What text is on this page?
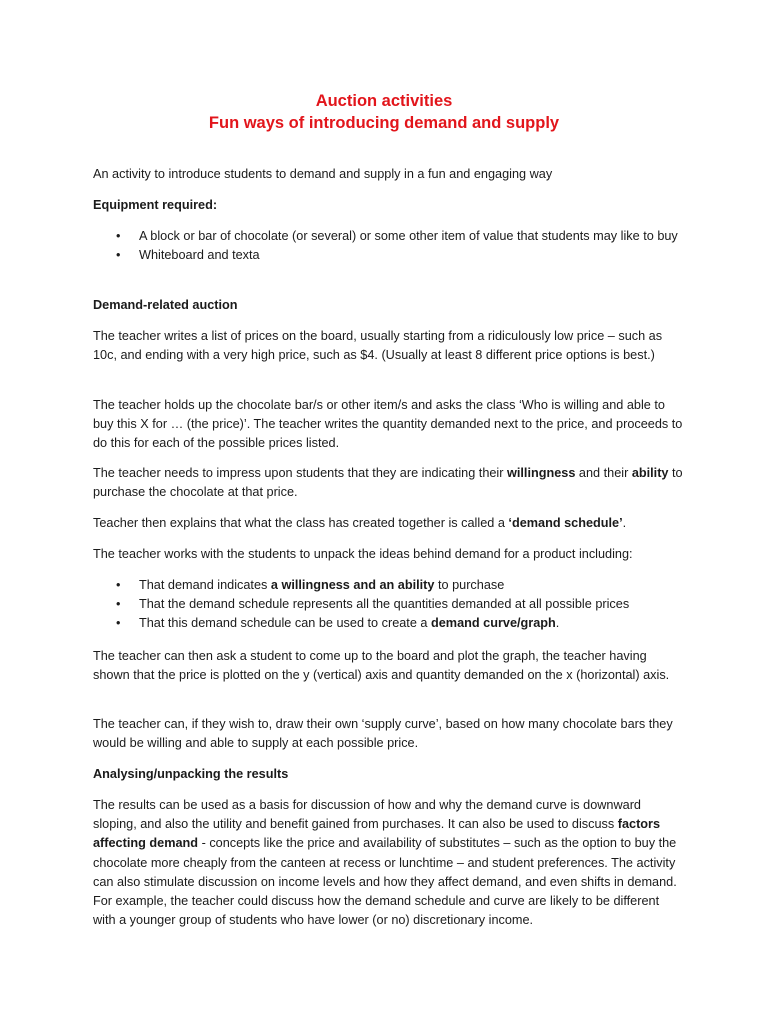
Auction activities
Fun ways of introducing demand and supply

An activity to introduce students to demand and supply in a fun and engaging way

Equipment required:

• A block or bar of chocolate (or several) or some other item of value that students may like to buy
• Whiteboard and texta

Demand-related auction

The teacher writes a list of prices on the board, usually starting from a ridiculously low price – such as 10c, and ending with a very high price, such as $4. (Usually at least 8 different price options is best.)

The teacher holds up the chocolate bar/s or other item/s and asks the class ‘Who is willing and able to buy this X for … (the price)’. The teacher writes the quantity demanded next to the price, and proceeds to do this for each of the possible prices listed.

The teacher needs to impress upon students that they are indicating their willingness and their ability to purchase the chocolate at that price.

Teacher then explains that what the class has created together is called a ‘demand schedule’.

The teacher works with the students to unpack the ideas behind demand for a product including:

• That demand indicates a willingness and an ability to purchase
• That the demand schedule represents all the quantities demanded at all possible prices
• That this demand schedule can be used to create a demand curve/graph.

The teacher can then ask a student to come up to the board and plot the graph, the teacher having shown that the price is plotted on the y (vertical) axis and quantity demanded on the x (horizontal) axis.

The teacher can, if they wish to, draw their own ‘supply curve’, based on how many chocolate bars they would be willing and able to supply at each possible price.

Analysing/unpacking the results

The results can be used as a basis for discussion of how and why the demand curve is downward sloping, and also the utility and benefit gained from purchases. It can also be used to discuss factors affecting demand - concepts like the price and availability of substitutes – such as the option to buy the chocolate more cheaply from the canteen at recess or lunchtime – and student preferences. The activity can also stimulate discussion on income levels and how they affect demand, and even shifts in demand. For example, the teacher could discuss how the demand schedule and curve are likely to be different with a younger group of students who have lower (or no) discretionary income.
